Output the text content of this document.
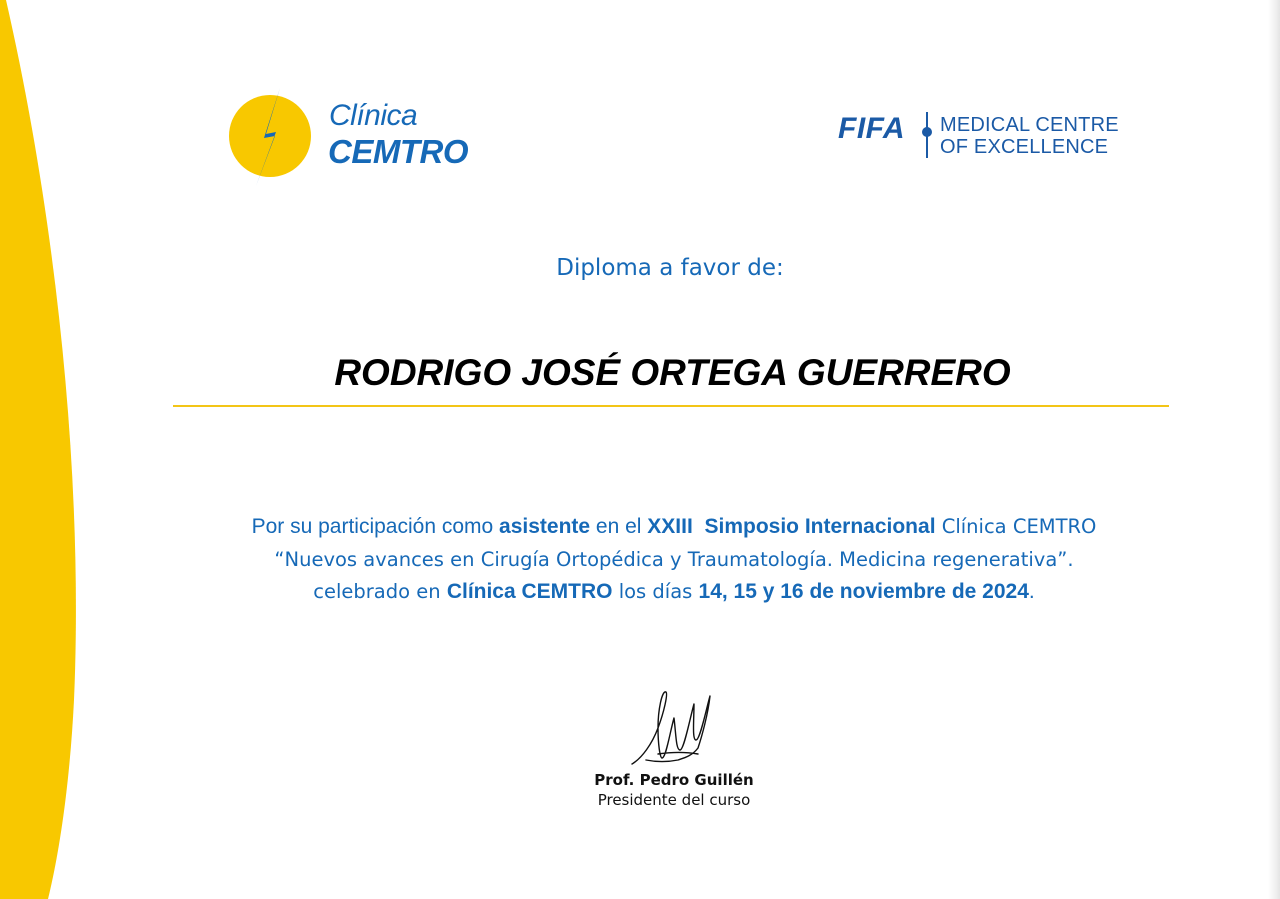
Clínica
CEMTRO
FIFA MEDICAL CENTRE
OF EXCELLENCE
Diploma a favor de:
RODRIGO JOSÉ ORTEGA GUERRERO
Por su participación como asistente en el XXIII  Simposio Internacional Clínica CEMTRO
“Nuevos avances en Cirugía Ortopédica y Traumatología. Medicina regenerativa”.
celebrado en Clínica CEMTRO los días 14, 15 y 16 de noviembre de 2024.
Prof. Pedro Guillén
Presidente del curso
